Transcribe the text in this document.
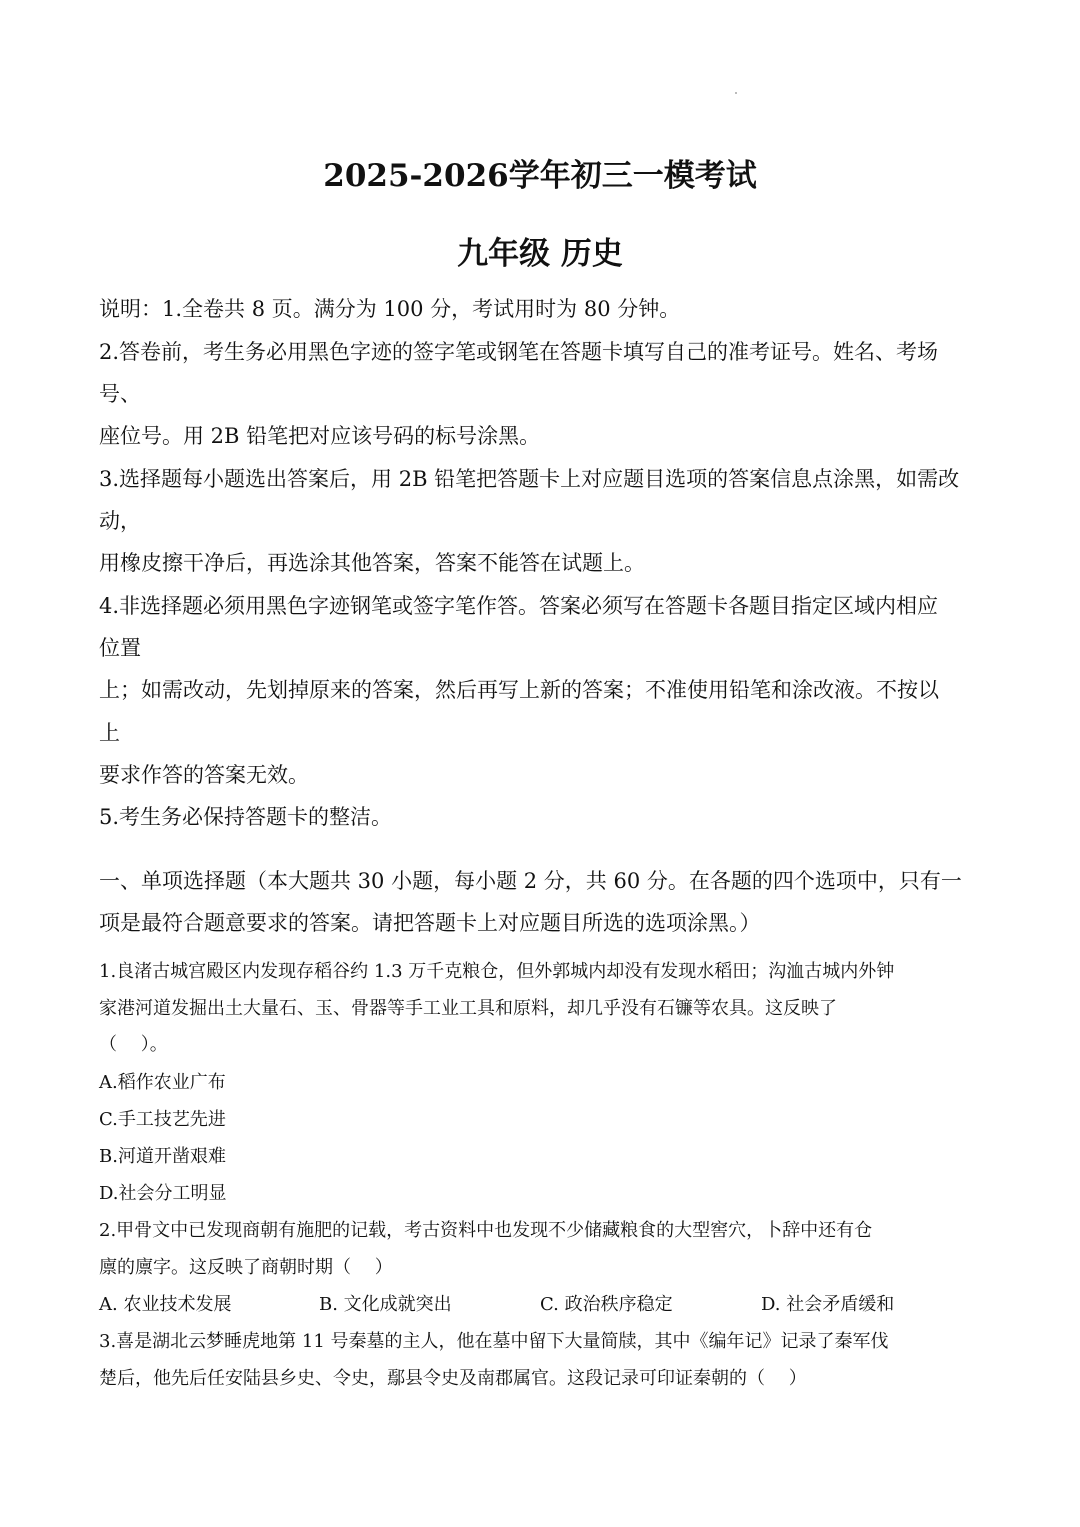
2025-2026学年初三一模考试
九年级 历史

说明：1.全卷共 8 页。满分为 100 分，考试用时为 80 分钟。

2.答卷前，考生务必用黑色字迹的签字笔或钢笔在答题卡填写自己的准考证号。姓名、考场

号、

座位号。用 2B 铅笔把对应该号码的标号涂黑。

3.选择题每小题选出答案后，用 2B 铅笔把答题卡上对应题目选项的答案信息点涂黑，如需改

动，

用橡皮擦干净后，再选涂其他答案，答案不能答在试题上。

4.非选择题必须用黑色字迹钢笔或签字笔作答。答案必须写在答题卡各题目指定区域内相应

位置

上；如需改动，先划掉原来的答案，然后再写上新的答案；不准使用铅笔和涂改液。不按以

上

要求作答的答案无效。

5.考生务必保持答题卡的整洁。

一、单项选择题（本大题共 30 小题，每小题 2 分，共 60 分。在各题的四个选项中，只有一

项是最符合题意要求的答案。请把答题卡上对应题目所选的选项涂黑。）

1.良渚古城宫殿区内发现存稻谷约 1.3 万千克粮仓，但外郭城内却没有发现水稻田；沟洫古城内外钟

家港河道发掘出土大量石、玉、骨器等手工业工具和原料，却几乎没有石镰等农具。这反映了

（　 ）。

A.稻作农业广布

C.手工技艺先进

B.河道开凿艰难

D.社会分工明显

2.甲骨文中已发现商朝有施肥的记载，考古资料中也发现不少储藏粮食的大型窖穴，卜辞中还有仓

廪的廪字。这反映了商朝时期（　 ）

A. 农业技术发展	B. 文化成就突出	C. 政治秩序稳定	D. 社会矛盾缓和

3.喜是湖北云梦睡虎地第 11 号秦墓的主人，他在墓中留下大量简牍，其中《编年记》记录了秦军伐

楚后，他先后任安陆县乡史、令史，鄢县令史及南郡属官。这段记录可印证秦朝的（　 ）
